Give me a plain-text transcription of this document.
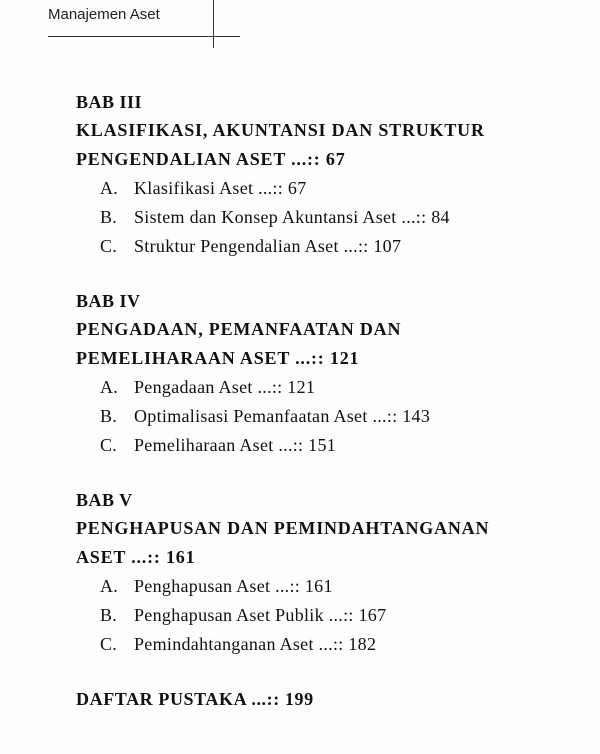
Manajemen Aset
BAB III
KLASIFIKASI, AKUNTANSI DAN STRUKTUR
PENGENDALIAN ASET ...:: 67
A. Klasifikasi Aset ...:: 67
B. Sistem dan Konsep Akuntansi Aset ...:: 84
C. Struktur Pengendalian Aset ...:: 107
BAB IV
PENGADAAN, PEMANFAATAN DAN
PEMELIHARAAN ASET ...:: 121
A. Pengadaan Aset ...:: 121
B. Optimalisasi Pemanfaatan Aset ...:: 143
C. Pemeliharaan Aset ...:: 151
BAB V
PENGHAPUSAN DAN PEMINDAHTANGANAN
ASET ...:: 161
A. Penghapusan Aset ...:: 161
B. Penghapusan Aset Publik ...:: 167
C. Pemindahtanganan Aset ...:: 182
DAFTAR PUSTAKA ...:: 199
